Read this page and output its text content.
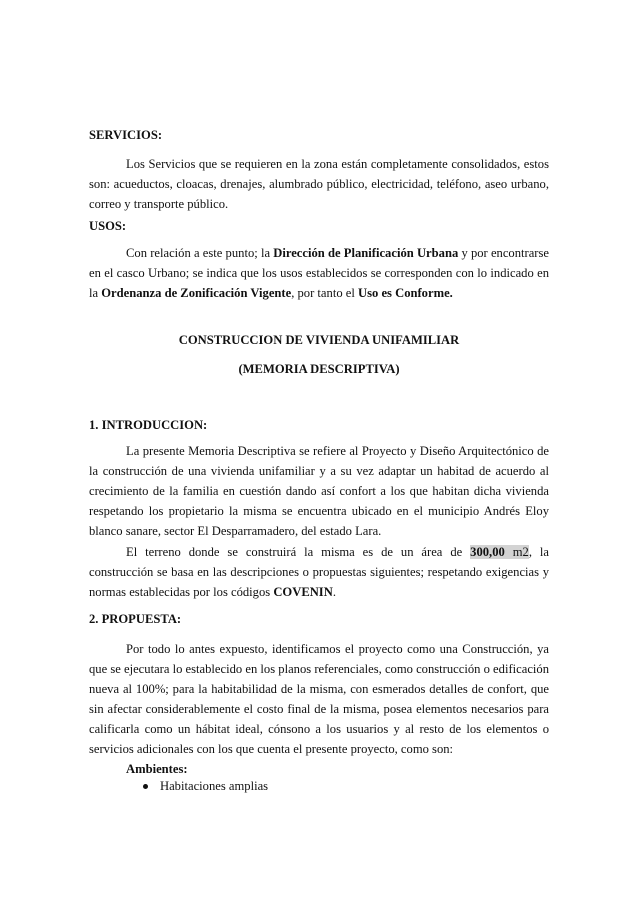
SERVICIOS:

Los Servicios que se requieren en la zona están completamente consolidados, estos son: acueductos, cloacas, drenajes, alumbrado público, electricidad, teléfono, aseo urbano, correo y transporte público.

USOS:

Con relación a este punto; la Dirección de Planificación Urbana y por encontrarse en el casco Urbano; se indica que los usos establecidos se corresponden con lo indicado en la Ordenanza de Zonificación Vigente, por tanto el Uso es Conforme.

CONSTRUCCION DE VIVIENDA UNIFAMILIAR

(MEMORIA DESCRIPTIVA)

1. INTRODUCCION:

La presente Memoria Descriptiva se refiere al Proyecto y Diseño Arquitectónico de la construcción de una vivienda unifamiliar y a su vez adaptar un habitad de acuerdo al crecimiento de la familia en cuestión dando así confort a los que habitan dicha vivienda respetando los propietario la misma se encuentra ubicado en el municipio Andrés Eloy blanco sanare, sector El Desparramadero, del estado Lara.

El terreno donde se construirá la misma es de un área de 300,00 m2, la construcción se basa en las descripciones o propuestas siguientes; respetando exigencias y normas establecidas por los códigos COVENIN.

2. PROPUESTA:

Por todo lo antes expuesto, identificamos el proyecto como una Construcción, ya que se ejecutara lo establecido en los planos referenciales, como construcción o edificación nueva al 100%; para la habitabilidad de la misma, con esmerados detalles de confort, que sin afectar considerablemente el costo final de la misma, posea elementos necesarios para calificarla como un hábitat ideal, cónsono a los usuarios y al resto de los elementos o servicios adicionales con los que cuenta el presente proyecto, como son:

Ambientes:

Habitaciones amplias
